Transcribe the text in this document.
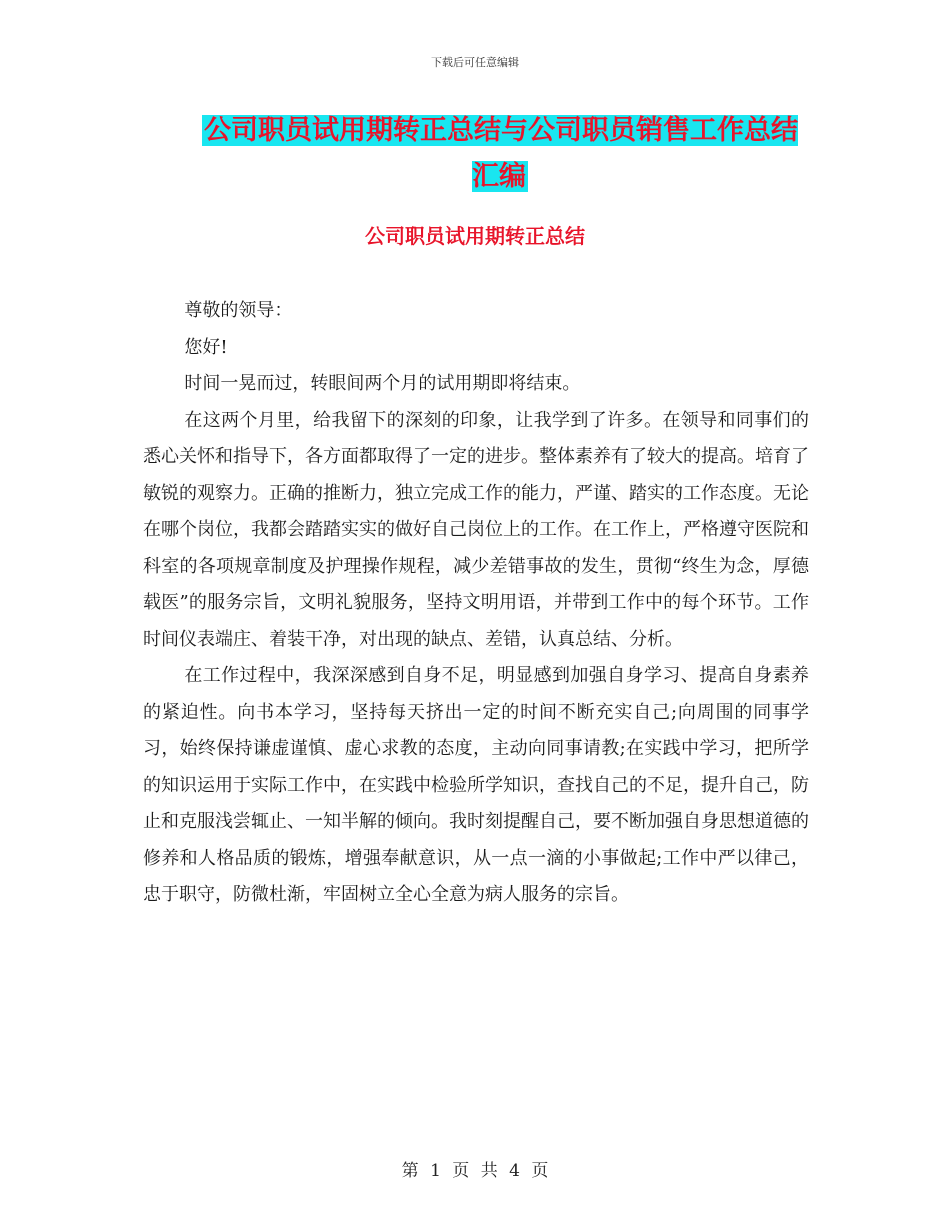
下载后可任意编辑
公司职员试用期转正总结与公司职员销售工作总结汇编
公司职员试用期转正总结

尊敬的领导：

您好!

时间一晃而过，转眼间两个月的试用期即将结束。

在这两个月里，给我留下的深刻的印象，让我学到了许多。在领导和同事们的悉心关怀和指导下，各方面都取得了一定的进步。整体素养有了较大的提高。培育了敏锐的观察力。正确的推断力，独立完成工作的能力，严谨、踏实的工作态度。无论在哪个岗位，我都会踏踏实实的做好自己岗位上的工作。在工作上，严格遵守医院和科室的各项规章制度及护理操作规程，减少差错事故的发生，贯彻“终生为念，厚德载医”的服务宗旨，文明礼貌服务，坚持文明用语，并带到工作中的每个环节。工作时间仪表端庄、着装干净，对出现的缺点、差错，认真总结、分析。

在工作过程中，我深深感到自身不足，明显感到加强自身学习、提高自身素养的紧迫性。向书本学习，坚持每天挤出一定的时间不断充实自己;向周围的同事学习，始终保持谦虚谨慎、虚心求教的态度，主动向同事请教;在实践中学习，把所学的知识运用于实际工作中，在实践中检验所学知识，查找自己的不足，提升自己，防止和克服浅尝辄止、一知半解的倾向。我时刻提醒自己，要不断加强自身思想道德的修养和人格品质的锻炼，增强奉献意识，从一点一滴的小事做起;工作中严以律己，忠于职守，防微杜渐，牢固树立全心全意为病人服务的宗旨。

第 1 页 共 4 页
